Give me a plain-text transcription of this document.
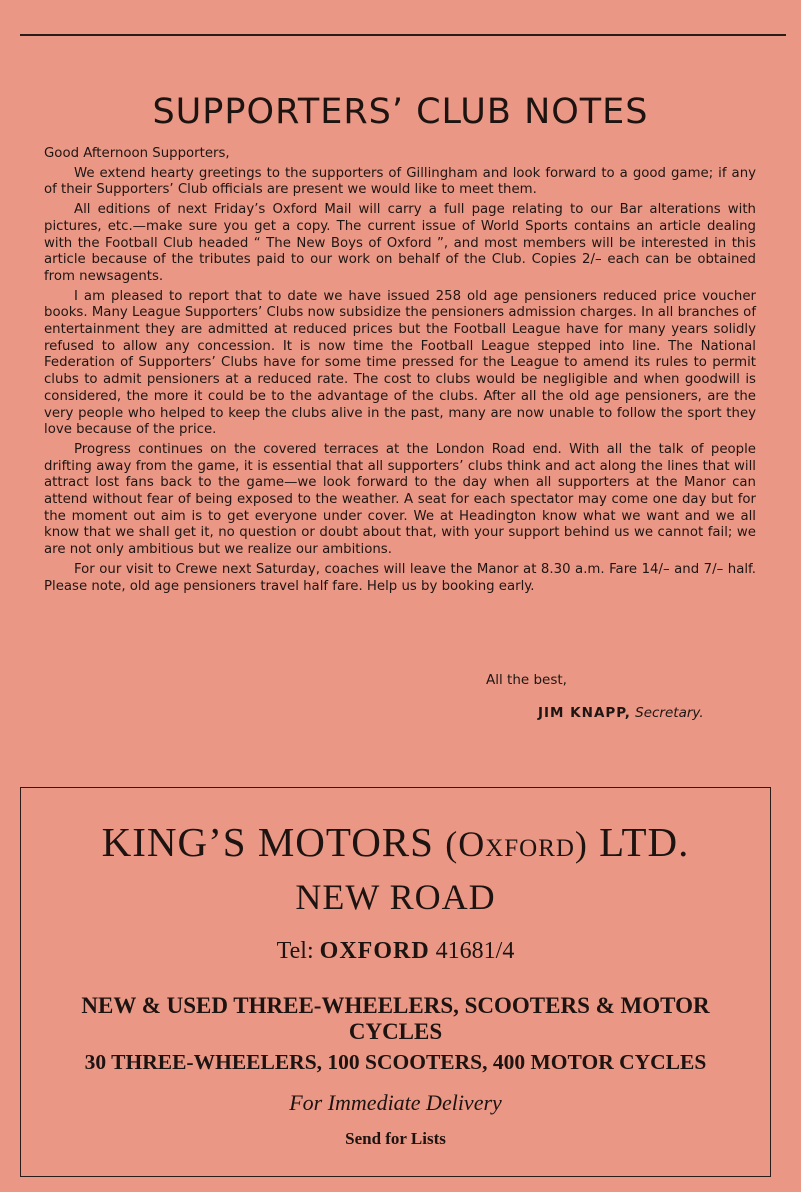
SUPPORTERS’ CLUB NOTES

Good Afternoon Supporters,

We extend hearty greetings to the supporters of Gillingham and look forward to a good game; if any of their Supporters’ Club officials are present we would like to meet them.

All editions of next Friday’s Oxford Mail will carry a full page relating to our Bar alterations with pictures, etc.—make sure you get a copy. The current issue of World Sports contains an article dealing with the Football Club headed “ The New Boys of Oxford ”, and most members will be interested in this article because of the tributes paid to our work on behalf of the Club. Copies 2/– each can be obtained from newsagents.

I am pleased to report that to date we have issued 258 old age pensioners reduced price voucher books. Many League Supporters’ Clubs now subsidize the pensioners admission charges. In all branches of entertainment they are admitted at reduced prices but the Football League have for many years solidly refused to allow any concession. It is now time the Football League stepped into line. The National Federation of Supporters’ Clubs have for some time pressed for the League to amend its rules to permit clubs to admit pensioners at a reduced rate. The cost to clubs would be negligible and when goodwill is considered, the more it could be to the advantage of the clubs. After all the old age pensioners, are the very people who helped to keep the clubs alive in the past, many are now unable to follow the sport they love because of the price.

Progress continues on the covered terraces at the London Road end. With all the talk of people drifting away from the game, it is essential that all supporters’ clubs think and act along the lines that will attract lost fans back to the game—we look forward to the day when all supporters at the Manor can attend without fear of being exposed to the weather. A seat for each spectator may come one day but for the moment out aim is to get everyone under cover. We at Headington know what we want and we all know that we shall get it, no question or doubt about that, with your support behind us we cannot fail; we are not only ambitious but we realize our ambitions.

For our visit to Crewe next Saturday, coaches will leave the Manor at 8.30 a.m. Fare 14/– and 7/– half. Please note, old age pensioners travel half fare. Help us by booking early.

All the best,
JIM KNAPP, Secretary.
KING’S MOTORS (Oxford) LTD.
NEW ROAD
Tel: OXFORD 41681/4
NEW & USED THREE-WHEELERS, SCOOTERS & MOTOR CYCLES
30 THREE-WHEELERS, 100 SCOOTERS, 400 MOTOR CYCLES
For Immediate Delivery
Send for Lists
